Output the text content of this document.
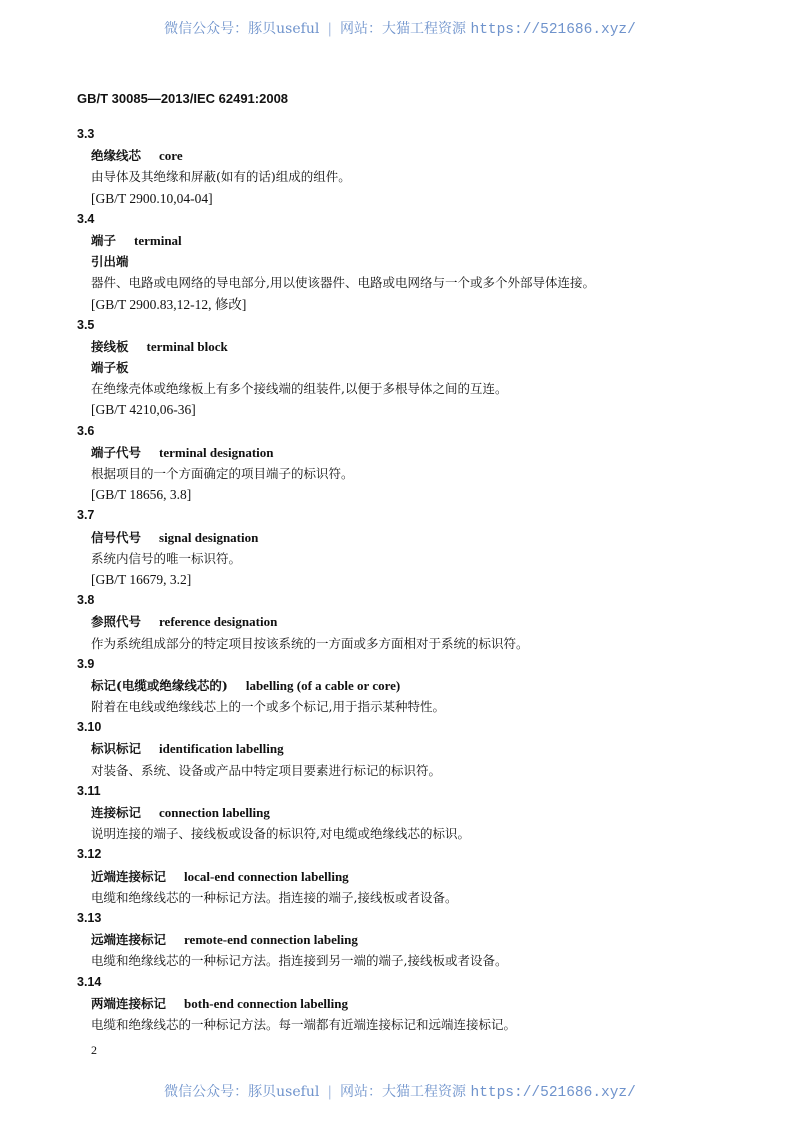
微信公众号：豚贝useful | 网站：大猫工程资源 https://521686.xyz/
GB/T 30085—2013/IEC 62491:2008
3.3
绝缘线芯 core
由导体及其绝缘和屏蔽(如有的话)组成的组件。
[GB/T 2900.10,04-04]
3.4
端子 terminal
引出端
器件、电路或电网络的导电部分,用以使该器件、电路或电网络与一个或多个外部导体连接。
[GB/T 2900.83,12-12, 修改]
3.5
接线板 terminal block
端子板
在绝缘壳体或绝缘板上有多个接线端的组装件,以便于多根导体之间的互连。
[GB/T 4210,06-36]
3.6
端子代号 terminal designation
根据项目的一个方面确定的项目端子的标识符。
[GB/T 18656, 3.8]
3.7
信号代号 signal designation
系统内信号的唯一标识符。
[GB/T 16679, 3.2]
3.8
参照代号 reference designation
作为系统组成部分的特定项目按该系统的一方面或多方面相对于系统的标识符。
3.9
标记(电缆或绝缘线芯的) labelling (of a cable or core)
附着在电线或绝缘线芯上的一个或多个标记,用于指示某种特性。
3.10
标识标记 identification labelling
对装备、系统、设备或产品中特定项目要素进行标记的标识符。
3.11
连接标记 connection labelling
说明连接的端子、接线板或设备的标识符,对电缆或绝缘线芯的标识。
3.12
近端连接标记 local-end connection labelling
电缆和绝缘线芯的一种标记方法。指连接的端子,接线板或者设备。
3.13
远端连接标记 remote-end connection labeling
电缆和绝缘线芯的一种标记方法。指连接到另一端的端子,接线板或者设备。
3.14
两端连接标记 both-end connection labelling
电缆和绝缘线芯的一种标记方法。每一端都有近端连接标记和远端连接标记。
2
微信公众号：豚贝useful | 网站：大猫工程资源 https://521686.xyz/
